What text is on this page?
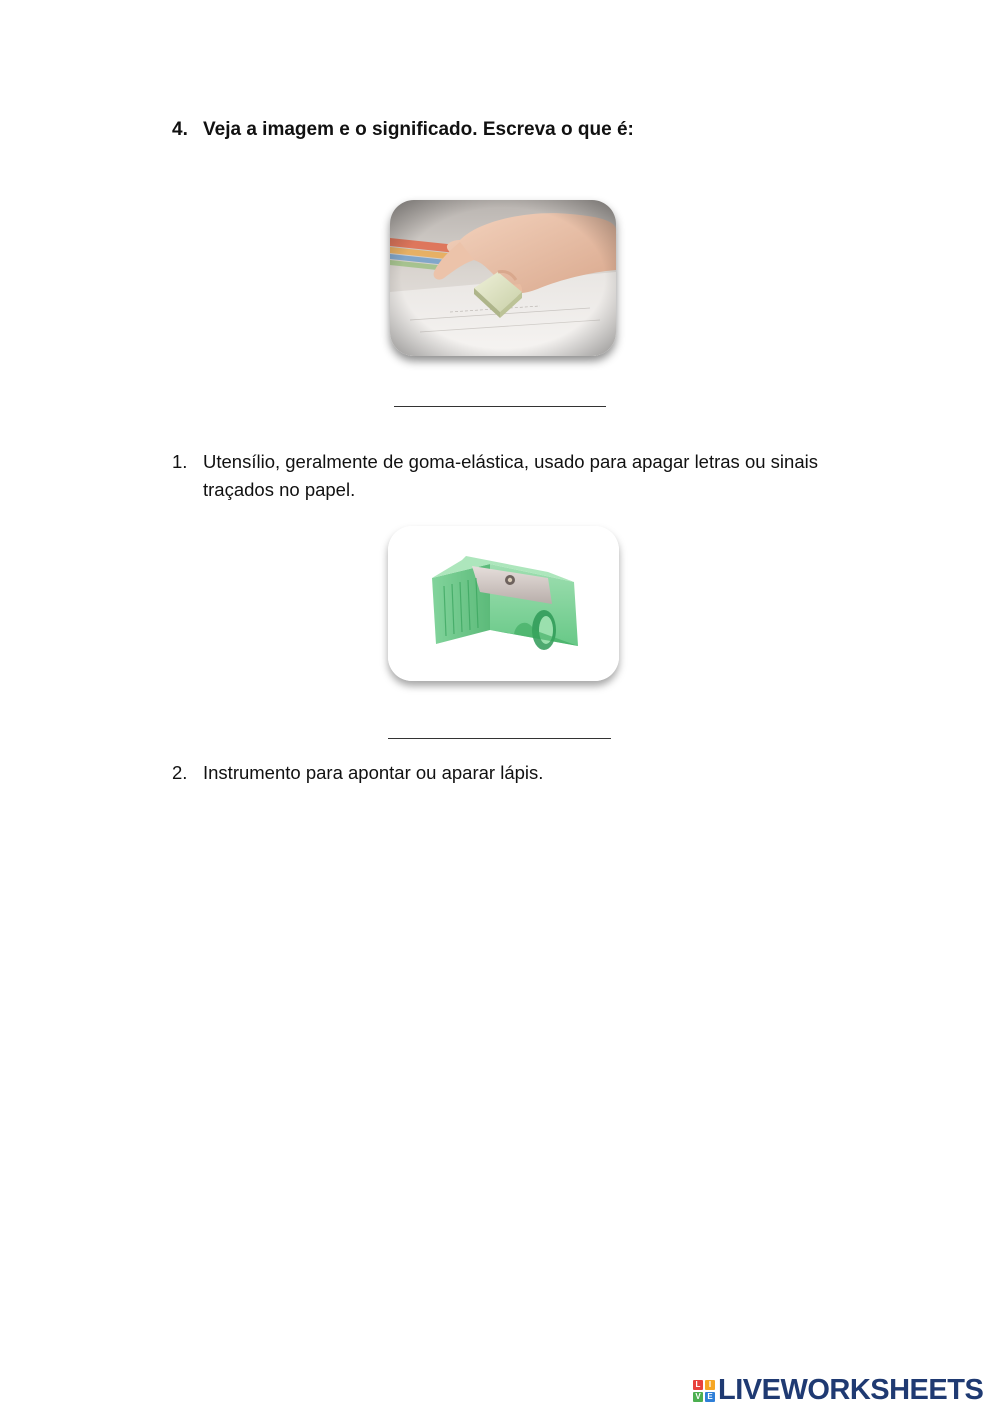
4. Veja a imagem e o significado. Escreva o que é:
1. Utensílio, geralmente de goma-elástica, usado para apagar letras ou sinais traçados no papel.
2. Instrumento para apontar ou aparar lápis.
L	I
V E LIVEWORKSHEETS
